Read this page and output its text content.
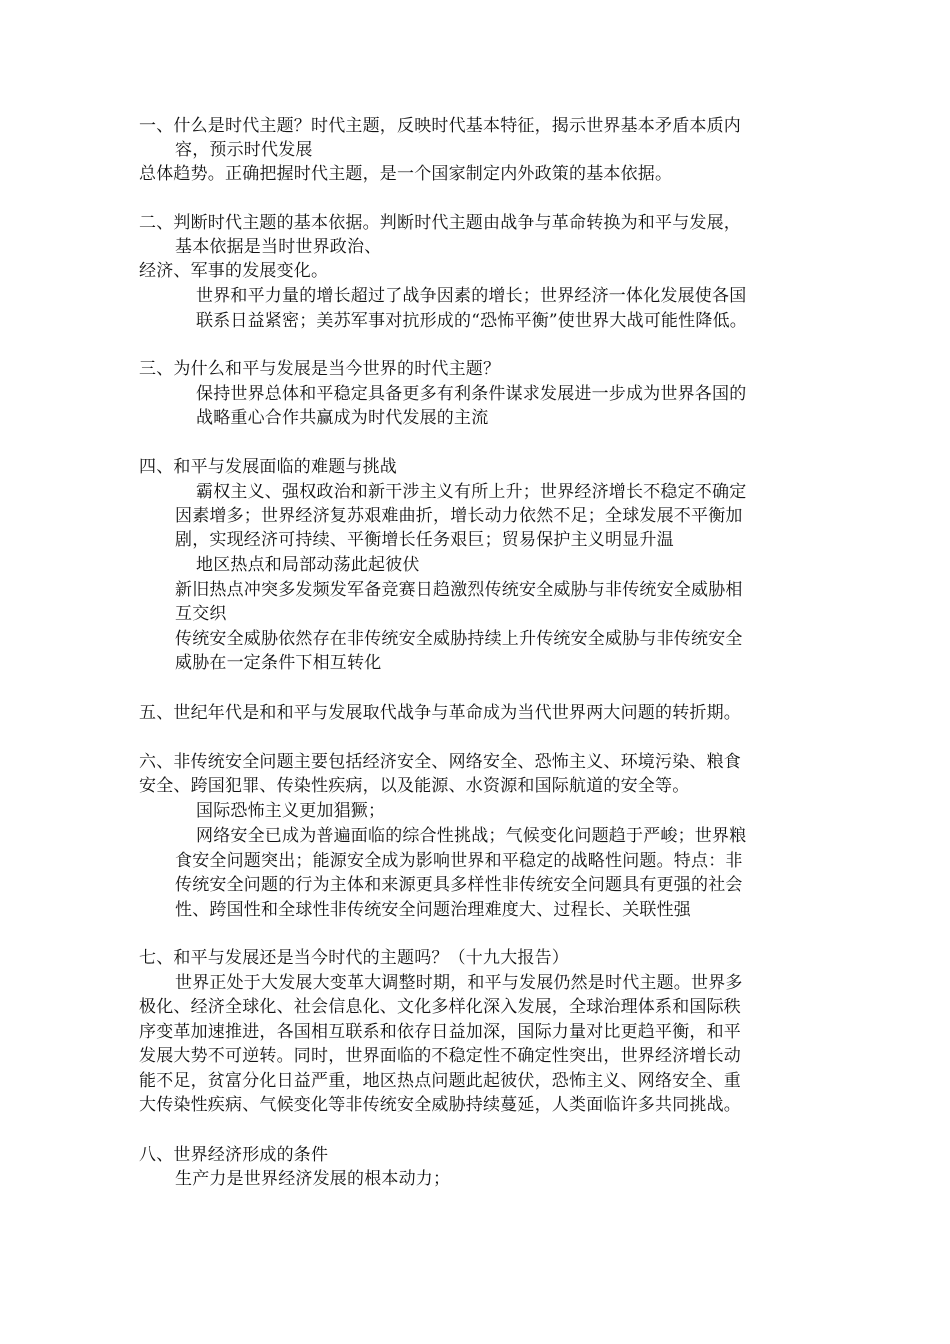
一、什么是时代主题？时代主题，反映时代基本特征，揭示世界基本矛盾本质内
容，预示时代发展
总体趋势。正确把握时代主题，是一个国家制定内外政策的基本依据。
二、判断时代主题的基本依据。判断时代主题由战争与革命转换为和平与发展，
基本依据是当时世界政治、
经济、军事的发展变化。
世界和平力量的增长超过了战争因素的增长；世界经济一体化发展使各国
联系日益紧密；美苏军事对抗形成的“恐怖平衡”使世界大战可能性降低。
三、为什么和平与发展是当今世界的时代主题？
保持世界总体和平稳定具备更多有利条件谋求发展进一步成为世界各国的
战略重心合作共赢成为时代发展的主流
四、和平与发展面临的难题与挑战
霸权主义、强权政治和新干涉主义有所上升；世界经济增长不稳定不确定
因素增多；世界经济复苏艰难曲折，增长动力依然不足；全球发展不平衡加
剧，实现经济可持续、平衡增长任务艰巨；贸易保护主义明显升温
地区热点和局部动荡此起彼伏
新旧热点冲突多发频发军备竞赛日趋激烈传统安全威胁与非传统安全威胁相
互交织
传统安全威胁依然存在非传统安全威胁持续上升传统安全威胁与非传统安全
威胁在一定条件下相互转化
五、世纪年代是和和平与发展取代战争与革命成为当代世界两大问题的转折期。
六、非传统安全问题主要包括经济安全、网络安全、恐怖主义、环境污染、粮食
安全、跨国犯罪、传染性疾病，以及能源、水资源和国际航道的安全等。
国际恐怖主义更加猖獗；
网络安全已成为普遍面临的综合性挑战；气候变化问题趋于严峻；世界粮
食安全问题突出；能源安全成为影响世界和平稳定的战略性问题。特点：非
传统安全问题的行为主体和来源更具多样性非传统安全问题具有更强的社会
性、跨国性和全球性非传统安全问题治理难度大、过程长、关联性强
七、和平与发展还是当今时代的主题吗？（十九大报告）
世界正处于大发展大变革大调整时期，和平与发展仍然是时代主题。世界多
极化、经济全球化、社会信息化、文化多样化深入发展，全球治理体系和国际秩
序变革加速推进，各国相互联系和依存日益加深，国际力量对比更趋平衡，和平
发展大势不可逆转。同时，世界面临的不稳定性不确定性突出，世界经济增长动
能不足，贫富分化日益严重，地区热点问题此起彼伏，恐怖主义、网络安全、重
大传染性疾病、气候变化等非传统安全威胁持续蔓延，人类面临许多共同挑战。
八、世界经济形成的条件
生产力是世界经济发展的根本动力；
